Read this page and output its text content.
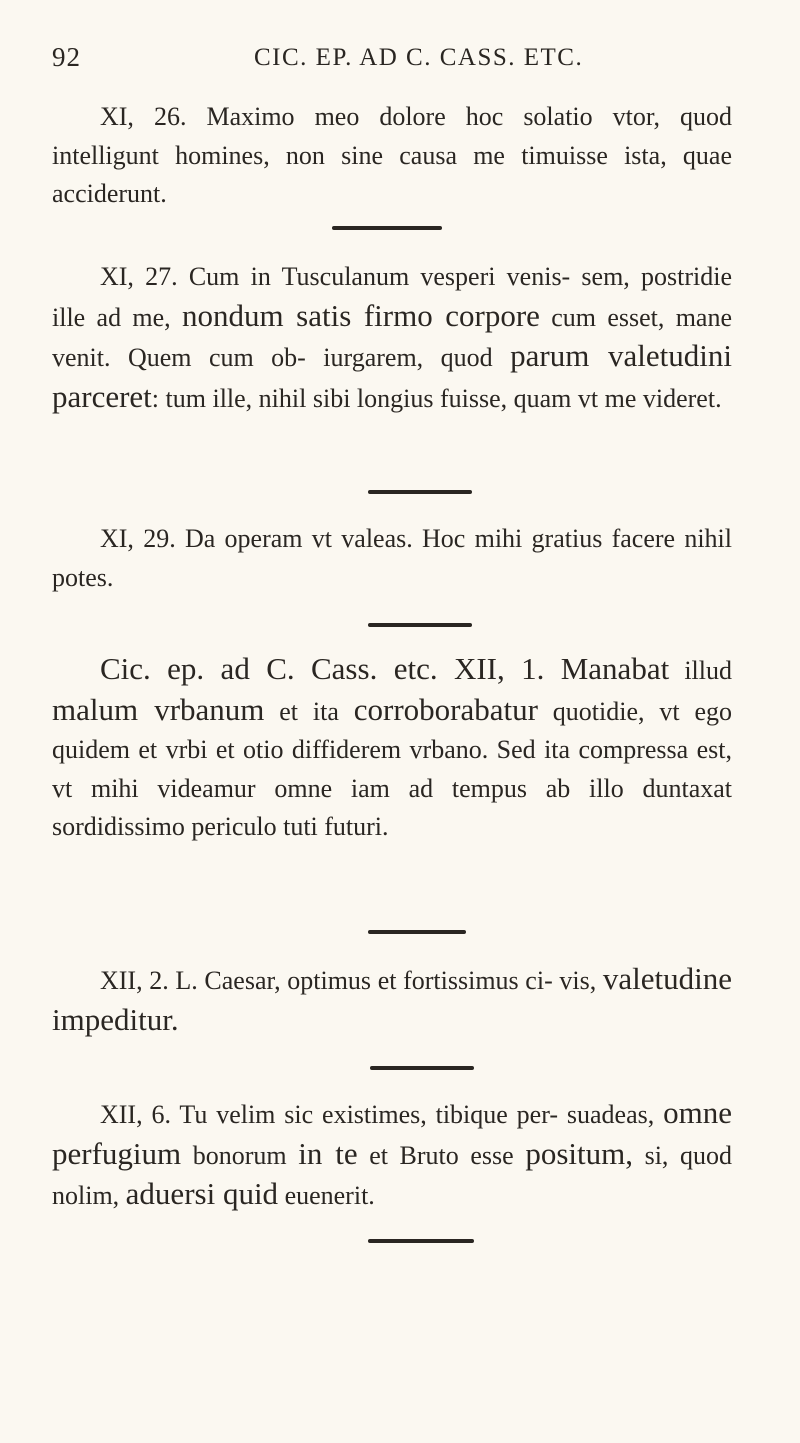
92	CIC. EP. AD C. CASS. ETC.

XI, 26. Maximo meo dolore hoc solatio vtor, quod intelligunt homines, non sine causa me timuisse ista, quae acciderunt.

XI, 27. Cum in Tusculanum vesperi venis- sem, postridie ille ad me, nondum satis firmo corpore cum esset, mane venit. Quem cum ob- iurgarem, quod parum valetudini parceret: tum ille, nihil sibi longius fuisse, quam vt me videret.

XI, 29. Da operam vt valeas. Hoc mihi gratius facere nihil potes.

Cic. ep. ad C. Cass. etc. XII, 1. Manabat illud malum vrbanum et ita corroborabatur quotidie, vt ego quidem et vrbi et otio diffiderem vrbano. Sed ita compressa est, vt mihi videamur omne iam ad tempus ab illo duntaxat sordidissimo periculo tuti futuri.

XII, 2. L. Caesar, optimus et fortissimus ci- vis, valetudine impeditur.

XII, 6. Tu velim sic existimes, tibique per- suadeas, omne perfugium bonorum in te et Bruto esse positum, si, quod nolim, aduersi quid euenerit.
